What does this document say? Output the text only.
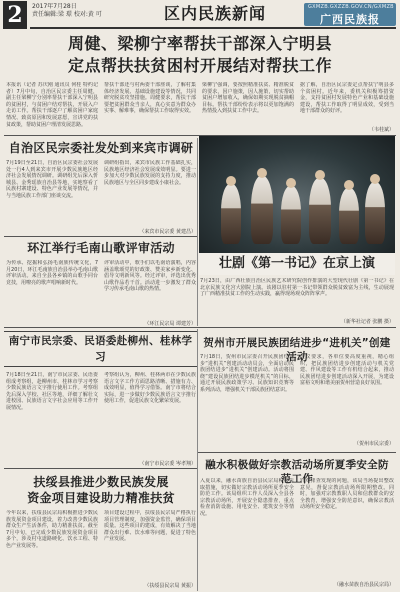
2	2017年7月28日
责任编辑:梁 璟 校对:黄 可	区内民族新闻	GXMZB.GXZZB.GOV.CN/GXMZB
广西民族报
周健、梁柳宁率帮扶干部深入宁明县
定点帮扶扶贫困村开展结对帮扶工作
本报讯（记者 苏庆刚 通讯员 何桂 特约记者）7月中旬，自治区民宗委主任周健，副主任梁柳宁分别率帮扶干部深入宁明县的贫困村，与贫困户结对帮扶，开展入户走访工作。帮扶干部逐户了解贫困户家庭情况、致贫原因和发展意愿，宣讲党的扶贫政策，帮助贫困户理清发展思路。
帮扶干部还与村两委干部座谈，了解村集体经济发展、基础设施建设等情况，共同研究脱贫攻坚措施。周健要求，帮扶干部要把贫困群众当亲人，真心实意为群众办实事、解难事，确保帮扶工作取得实效。
梁柳宁强调，要按照精准扶贫、精准脱贫的要求，因户施策，因人施策，切实帮助贫困户增加收入，确保如期实现脱贫摘帽目标。帮扶干部纷纷表示将以更加饱满的热情投入到扶贫工作中去。
据了解，自治区民宗委定点帮扶宁明县多个贫困村。近年来，委机关积极筹措资金，支持贫困村发展特色产业和基础设施建设，帮扶工作取得了明显成效，受到当地干部群众的好评。
（韦桂斌）
自治区民宗委社发处到来宾市调研
7月19日至21日，自治区民宗委社会发展处一行4人到来宾市开展少数民族地区经济社会发展情况调研。调研组先后深入忻城县、金秀瑶族自治县等地，实地察看了民族村寨建设、特色产业发展等情况，并与当地民族工作部门座谈交流。
调研组指出，来宾市民族工作基础扎实，民族地区经济社会发展成效明显。要进一步加大对少数民族发展的支持力度，推动民族地区与全区同步建成小康社会。
（来宾市民宗委 黄建昌）
环江举行毛南山歌评审活动
为传承、挖掘和弘扬毛南族传统文化，7月20日，环江毛南族自治县举办毛南山歌评审活动。来自全县各乡镇的山歌手同台竞技，用嘹亮的歌声唱响新时代。
评审活动中，歌手们以毛南语演唱，内容涵盖歌颂党的好政策、赞美家乡新变化、倡导文明新风等。经过评审，评选出优秀山歌作品若干首。活动进一步激发了群众学习传承毛南山歌的热情。
（环江民宗局 谭建芳）
壮剧《第一书记》在京上演
7月23日，由广西壮族自治区民族艺术研究院创作排演的大型现代壮剧《第一书记》在北京民族文化宫大剧院上演。该剧以驻村第一书记带领群众脱贫致富为主线，生动展现了广西精准扶贫工作的生动实践，赢得现场观众阵阵掌声。
（新华社记者 张鹏 摄）
南宁市民宗委、民语委赴柳州、桂林学习
7月18日至21日，南宁市民宗委、民语委组成考察组，赴柳州市、桂林市学习考察少数民族语言文字推行使用工作。考察组先后深入学校、社区等地，详细了解壮文进校园、民族语言文字社会应用等工作开展情况。
考察组认为，柳州、桂林两市在少数民族语言文字工作方面思路清晰、措施有力、成效明显，值得学习借鉴。南宁市将结合实际，进一步做好少数民族语言文字推行使用工作，促进民族文化繁荣发展。
（南宁市民宗委 岑孝翔）
扶绥县推进少数民族发展
资金项目建设助力精准扶贫
今年以来，扶绥县民宗局积极推进少数民族发展资金项目建设，着力改善少数民族群众生产生活条件，助力精准扶贫。截至7月中旬，已完成少数民族发展资金项目多个，涉及村屯道路硬化、饮水工程、特色产业发展等。
项目建设过程中，扶绥县民宗局严格执行项目管理制度，加强资金监管，确保项目质量。这些项目的建成，有效解决了当地群众出行难、饮水难等问题，促进了特色产业发展。
（扶绥县民宗局 黄振）
贺州市开展民族团结进步“进机关”创建活动
7月18日，贺州市民宗委召开民族团结进步“进机关”创建活动动员会，全面启动民族团结进步“进机关”创建活动。活动将围绕“建设民族团结进步模范机关”的目标，通过开展民族政策学习、民族知识竞赛等系列活动，增强机关干部民族团结意识。
会议要求，各单位要高度重视，精心组织，把民族团结进步创建活动与机关党建、作风建设等工作有机结合起来，推动民族团结进步创建活动深入开展，为建设富裕文明和谐美丽贺州营造良好氛围。
（贺州市民宗委）
融水积极做好宗教活动场所夏季安全防范工作
入夏以来，融水苗族自治县民宗局积极采取措施，切实做好宗教活动场所夏季安全防范工作。该局组织工作人员深入全县各宗教活动场所，开展安全隐患排查，重点检查消防设施、用电安全、建筑安全等情况。
针对排查发现的问题，该局当场提出整改意见，督促宗教活动场所限期整改。同时，加强对宗教教职人员和信教群众的安全教育，增强安全防范意识，确保宗教活动场所安全稳定。
（融水苗族自治县民宗局）
